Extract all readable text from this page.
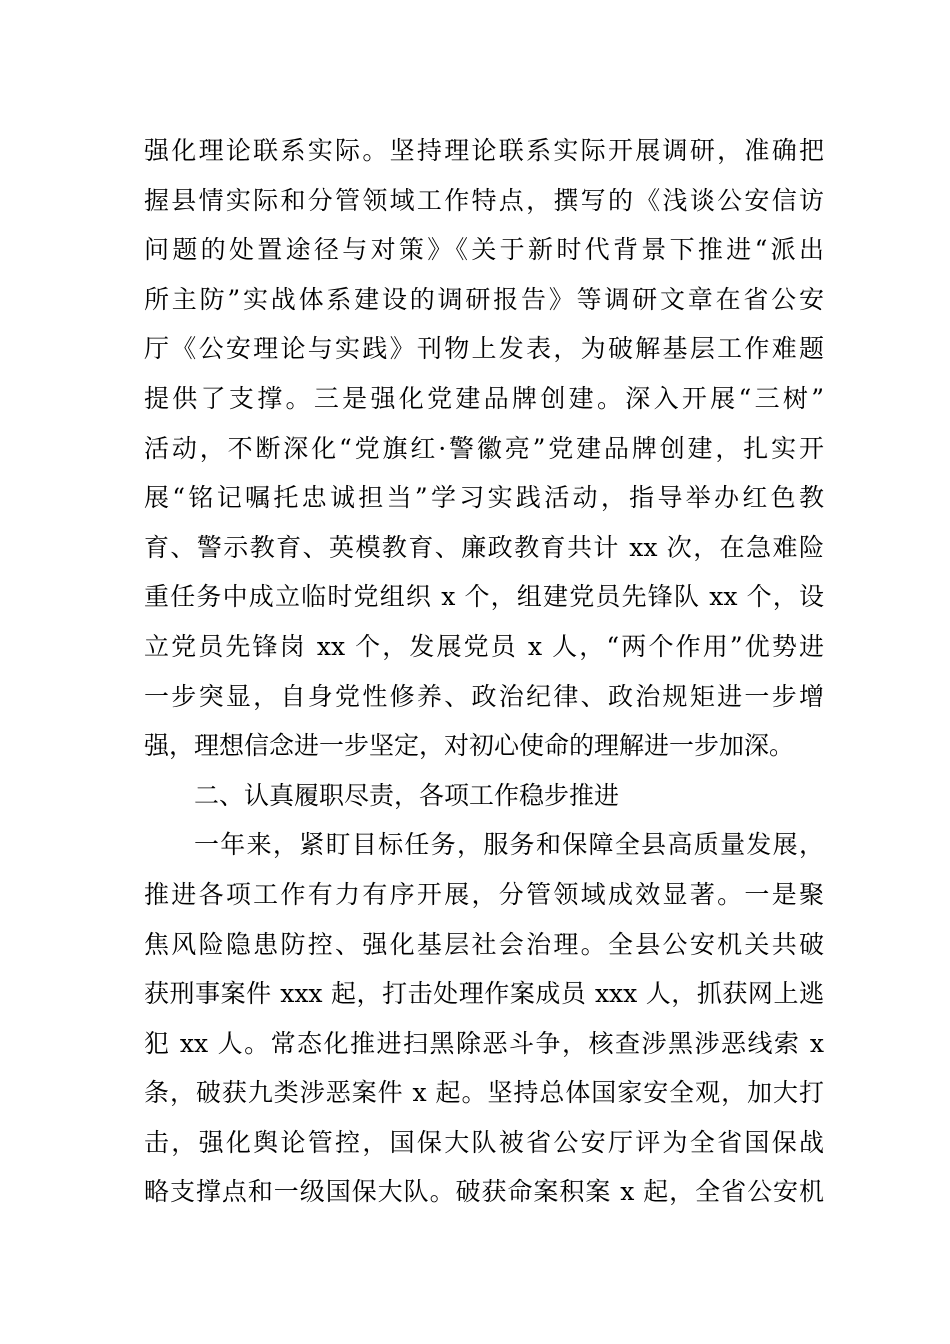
强化理论联系实际。坚持理论联系实际开展调研，准确把
握县情实际和分管领域工作特点，撰写的《浅谈公安信访
问题的处置途径与对策》《关于新时代背景下推进“派出
所主防”实战体系建设的调研报告》等调研文章在省公安
厅《公安理论与实践》刊物上发表，为破解基层工作难题
提供了支撑。三是强化党建品牌创建。深入开展“三树”
活动，不断深化“党旗红·警徽亮”党建品牌创建，扎实开
展“铭记嘱托忠诚担当”学习实践活动，指导举办红色教
育、警示教育、英模教育、廉政教育共计 xx 次，在急难险
重任务中成立临时党组织 x 个，组建党员先锋队 xx 个，设
立党员先锋岗 xx 个，发展党员 x 人，“两个作用”优势进
一步突显，自身党性修养、政治纪律、政治规矩进一步增
强，理想信念进一步坚定，对初心使命的理解进一步加深。
二、认真履职尽责，各项工作稳步推进
一年来，紧盯目标任务，服务和保障全县高质量发展，
推进各项工作有力有序开展，分管领域成效显著。一是聚
焦风险隐患防控、强化基层社会治理。全县公安机关共破
获刑事案件 xxx 起，打击处理作案成员 xxx 人，抓获网上逃
犯 xx 人。常态化推进扫黑除恶斗争，核查涉黑涉恶线索 x
条，破获九类涉恶案件 x 起。坚持总体国家安全观，加大打
击，强化舆论管控，国保大队被省公安厅评为全省国保战
略支撑点和一级国保大队。破获命案积案 x 起，全省公安机
